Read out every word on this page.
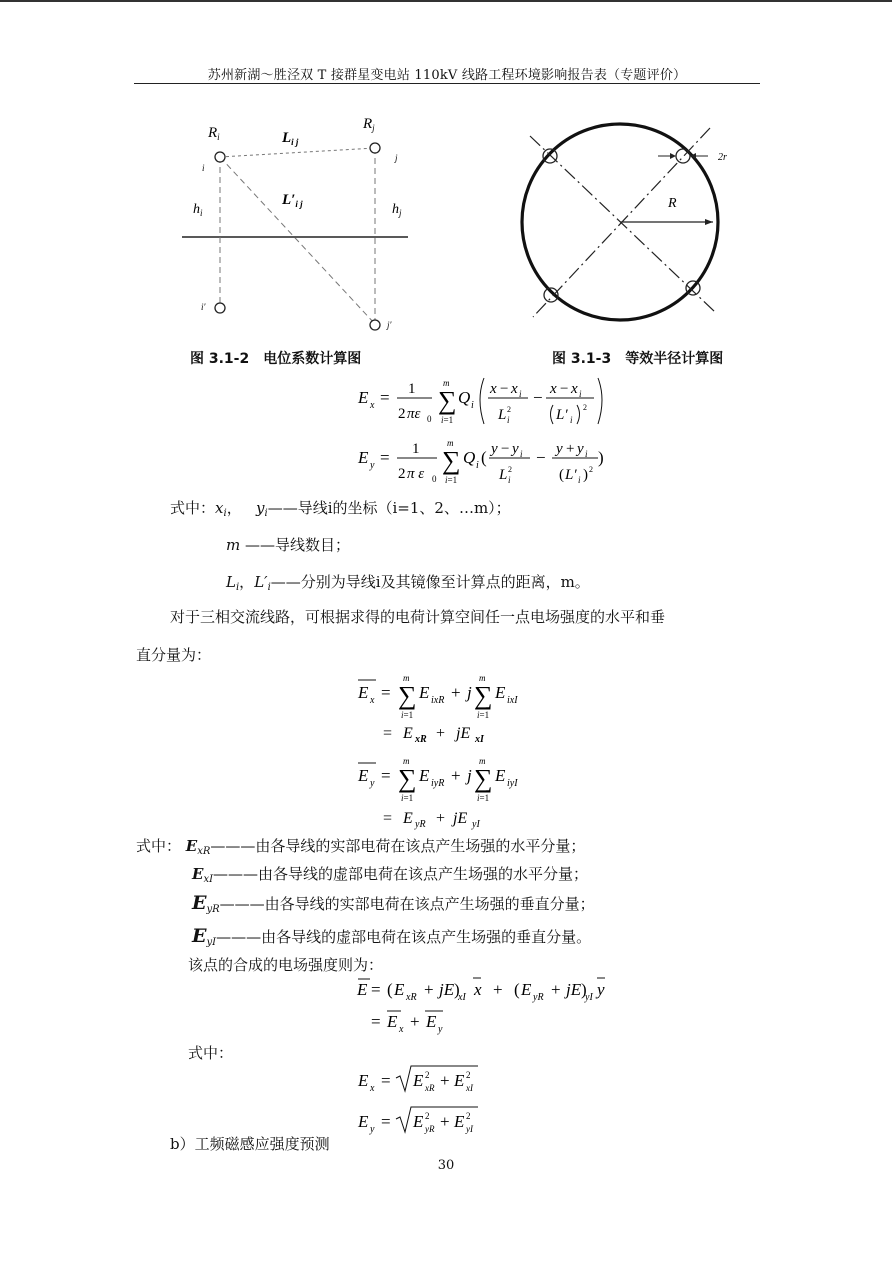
苏州新湖～胜泾双 T 接群星变电站 110kV 线路工程环境影响报告表（专题评价）
$R_i$
$R_j$
$L_{i j}$
$L'_{i j}$
$h_i$	$h_j$
i
j
i′
j′
图 3.1-2　电位系数计算图
2r
R
图 3.1-3　等效半径计算图
E x = 1
2 πε 0
∑
m
i=1
Q i
x − x i
L 2
i
− x − x i
L′ i
2
E y = 1
2 π ε 0
∑
m
i=1
Q i ( y − y i
L 2
i
− y + y i
( L′ i ) 2
)
式中：$x_i$，   $y_i——$导线i的坐标（i=1、2、…m）；
m ——导线数目；
$L_i$，$L'_i——$分别为导线i及其镜像至计算点的距离，m。
对于三相交流线路，可根据求得的电荷计算空间任一点电场强度的水平和垂
直分量为：
E x = ∑
m
i=1
E ixR + j ∑
m
i=1
E ixI
= E xR + jE xI
E y = ∑
m
i=1
E iyR + j ∑
m
i=1
E iyI
= E yR + jE yI
式中： $E_{xR}———$由各导线的实部电荷在该点产生场强的水平分量；
$E_{xI}———$由各导线的虚部电荷在该点产生场强的水平分量；
$E_{yR}———$由各导线的实部电荷在该点产生场强的垂直分量；
$E_{yI}———$由各导线的虚部电荷在该点产生场强的垂直分量。
该点的合成的电场强度则为：
E = ( E xR + jE )
xI x + ( E yR + jE )
yI y
= E x + E y
式中：
E x = E 2
xR + E 2
xI
E y = E 2
yR + E 2
yI
b）工频磁感应强度预测
30
